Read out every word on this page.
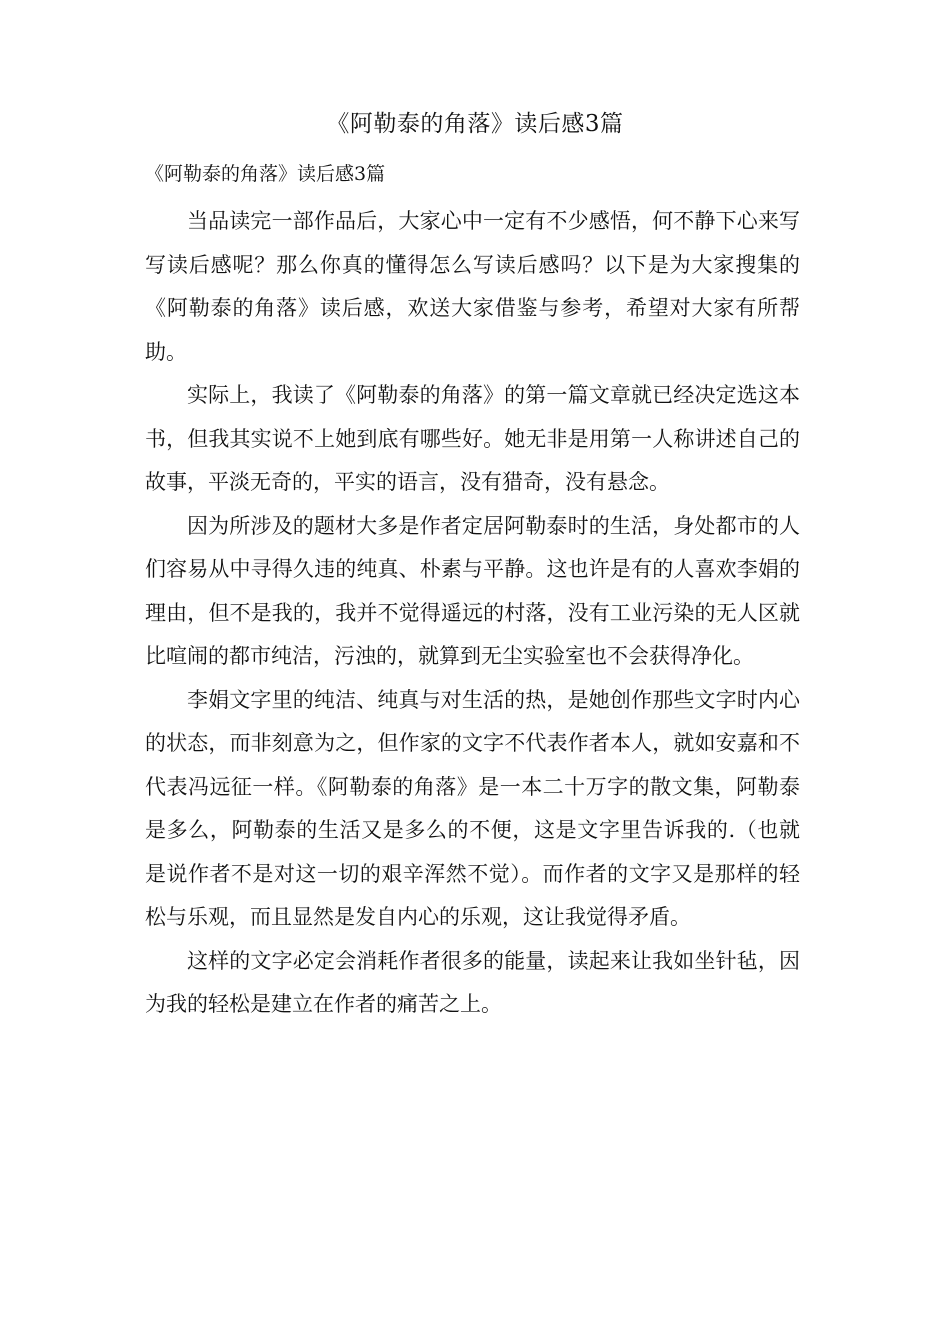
《阿勒泰的角落》读后感3篇
《阿勒泰的角落》读后感3篇

当品读完一部作品后，大家心中一定有不少感悟，何不静下心来写写读后感呢？那么你真的懂得怎么写读后感吗？以下是为大家搜集的《阿勒泰的角落》读后感，欢送大家借鉴与参考，希望对大家有所帮助。

实际上，我读了《阿勒泰的角落》的第一篇文章就已经决定选这本书，但我其实说不上她到底有哪些好。她无非是用第一人称讲述自己的故事，平淡无奇的，平实的语言，没有猎奇，没有悬念。

因为所涉及的题材大多是作者定居阿勒泰时的生活，身处都市的人们容易从中寻得久违的纯真、朴素与平静。这也许是有的人喜欢李娟的理由，但不是我的，我并不觉得遥远的村落，没有工业污染的无人区就比喧闹的都市纯洁，污浊的，就算到无尘实验室也不会获得净化。

李娟文字里的纯洁、纯真与对生活的热，是她创作那些文字时内心的状态，而非刻意为之，但作家的文字不代表作者本人，就如安嘉和不代表冯远征一样。《阿勒泰的角落》是一本二十万字的散文集，阿勒泰是多么，阿勒泰的生活又是多么的不便，这是文字里告诉我的.（也就是说作者不是对这一切的艰辛浑然不觉）。而作者的文字又是那样的轻松与乐观，而且显然是发自内心的乐观，这让我觉得矛盾。

这样的文字必定会消耗作者很多的能量，读起来让我如坐针毡，因为我的轻松是建立在作者的痛苦之上。
